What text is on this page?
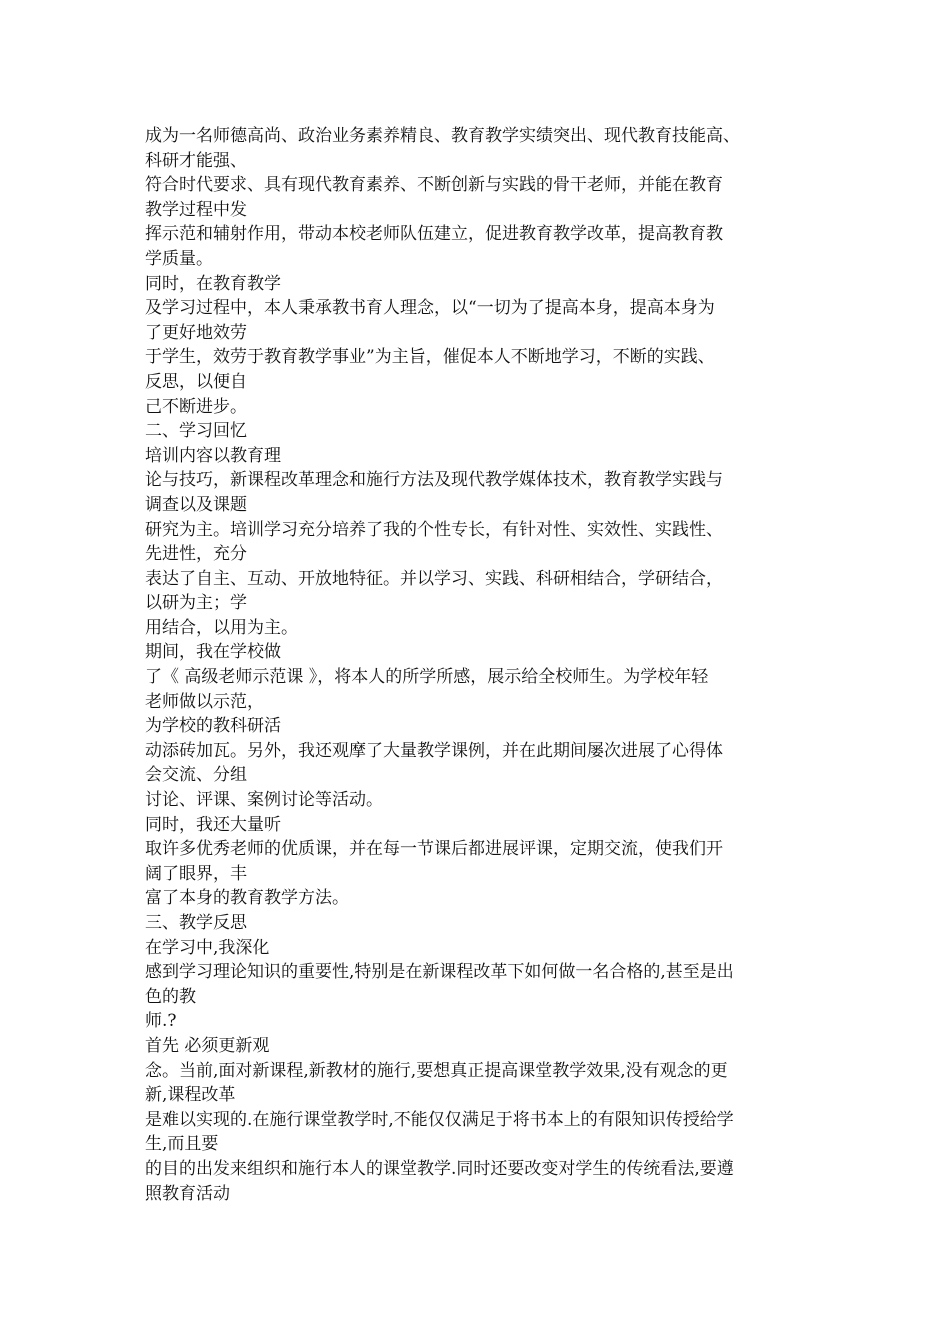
成为一名师德高尚、政治业务素养精良、教育教学实绩突出、现代教育技能高、

科研才能强、

符合时代要求、具有现代教育素养、不断创新与实践的骨干老师，并能在教育

教学过程中发

挥示范和辅射作用，带动本校老师队伍建立，促进教育教学改革，提高教育教

学质量。

同时，在教育教学

及学习过程中，本人秉承教书育人理念，以“一切为了提高本身，提高本身为

了更好地效劳

于学生，效劳于教育教学事业”为主旨，催促本人不断地学习，不断的实践、

反思，以便自

己不断进步。

二、学习回忆

培训内容以教育理

论与技巧，新课程改革理念和施行方法及现代教学媒体技术，教育教学实践与

调查以及课题

研究为主。培训学习充分培养了我的个性专长，有针对性、实效性、实践性、

先进性，充分

表达了自主、互动、开放地特征。并以学习、实践、科研相结合，学研结合，

以研为主；学

用结合，以用为主。

期间，我在学校做

了《 高级老师示范课 》，将本人的所学所感，展示给全校师生。为学校年轻

老师做以示范，

为学校的教科研活

动添砖加瓦。另外，我还观摩了大量教学课例，并在此期间屡次进展了心得体

会交流、分组

讨论、评课、案例讨论等活动。

同时，我还大量听

取许多优秀老师的优质课，并在每一节课后都进展评课，定期交流，使我们开

阔了眼界，丰

富了本身的教育教学方法。

三、教学反思

在学习中,我深化

感到学习理论知识的重要性,特别是在新课程改革下如何做一名合格的,甚至是出

色的教

师.?

首先 必须更新观

念。当前,面对新课程,新教材的施行,要想真正提高课堂教学效果,没有观念的更

新,课程改革

是难以实现的.在施行课堂教学时,不能仅仅满足于将书本上的有限知识传授给学

生,而且要

的目的出发来组织和施行本人的课堂教学.同时还要改变对学生的传统看法,要遵

照教育活动
